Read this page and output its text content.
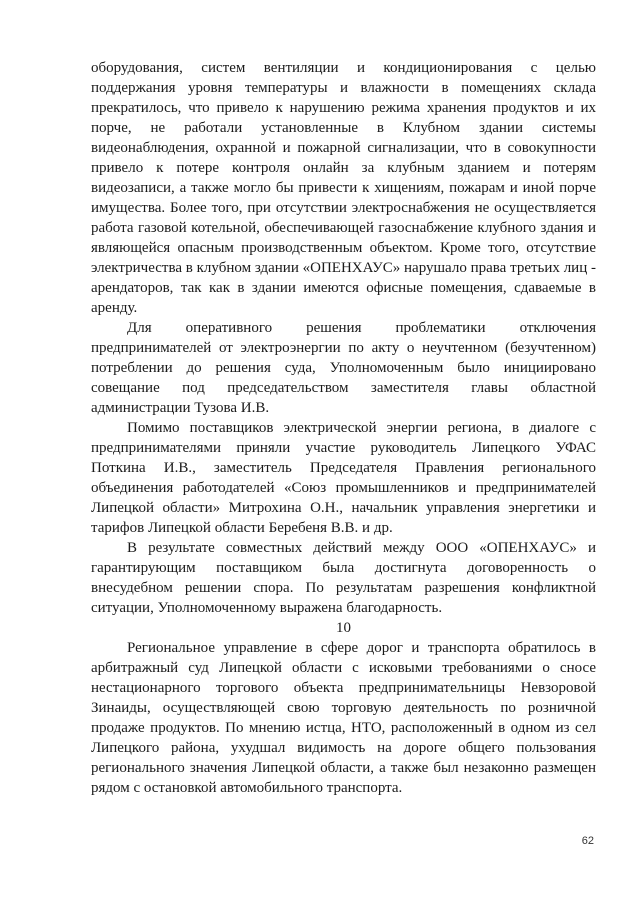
оборудования, систем вентиляции и кондиционирования с целью поддержания уровня температуры и влажности в помещениях склада прекратилось, что привело к нарушению режима хранения продуктов и их порче, не работали установленные в Клубном здании системы видеонаблюдения, охранной и пожарной сигнализации, что в совокупности привело к потере контроля онлайн за клубным зданием и потерям видеозаписи, а также могло бы привести к хищениям, пожарам и иной порче имущества. Более того, при отсутствии электроснабжения не осуществляется работа газовой котельной, обеспечивающей газоснабжение клубного здания и являющейся опасным производственным объектом. Кроме того, отсутствие электричества в клубном здании «ОПЕНХАУС» нарушало права третьих лиц - арендаторов, так как в здании имеются офисные помещения, сдаваемые в аренду.

Для оперативного решения проблематики отключения предпринимателей от электроэнергии по акту о неучтенном (безучтенном) потреблении до решения суда, Уполномоченным было инициировано совещание под председательством заместителя главы областной администрации Тузова И.В.

Помимо поставщиков электрической энергии региона, в диалоге с предпринимателями приняли участие руководитель Липецкого УФАС Поткина И.В., заместитель Председателя Правления регионального объединения работодателей «Союз промышленников и предпринимателей Липецкой области» Митрохина О.Н., начальник управления энергетики и тарифов Липецкой области Беребеня В.В. и др.

В результате совместных действий между ООО «ОПЕНХАУС» и гарантирующим поставщиком была достигнута договоренность о внесудебном решении спора. По результатам разрешения конфликтной ситуации, Уполномоченному выражена благодарность.

10

Региональное управление в сфере дорог и транспорта обратилось в арбитражный суд Липецкой области с исковыми требованиями о сносе нестационарного торгового объекта предпринимательницы Невзоровой Зинаиды, осуществляющей свою торговую деятельность по розничной продаже продуктов. По мнению истца, НТО, расположенный в одном из сел Липецкого района, ухудшал видимость на дороге общего пользования регионального значения Липецкой области, а также был незаконно размещен рядом с остановкой автомобильного транспорта.

62
